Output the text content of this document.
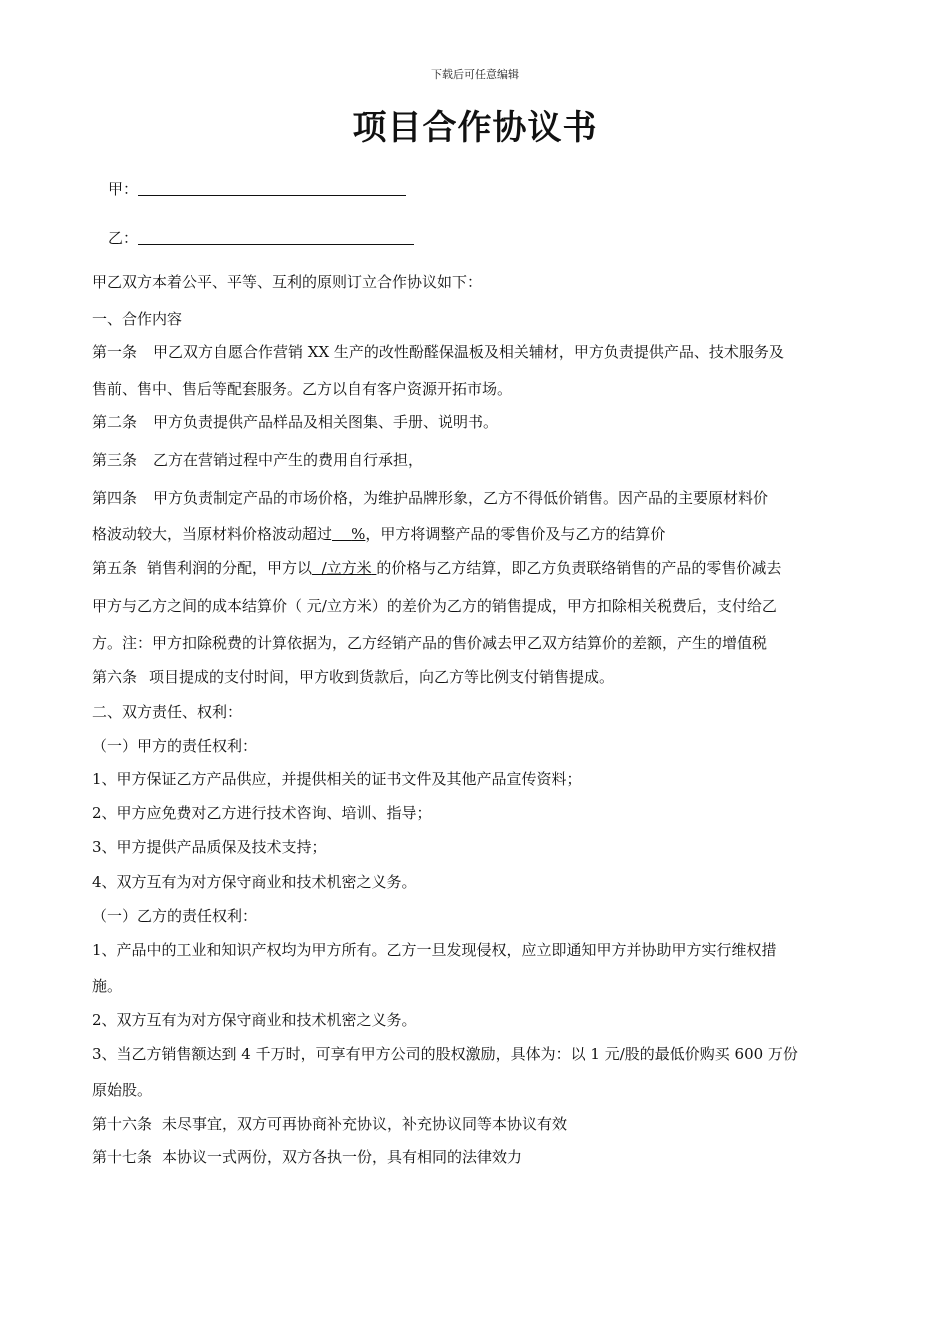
下载后可任意编辑
项目合作协议书
甲：
乙：
甲乙双方本着公平、平等、互利的原则订立合作协议如下：
一、合作内容
第一条 甲乙双方自愿合作营销 XX 生产的改性酚醛保温板及相关辅材，甲方负责提供产品、技术服务及
售前、售中、售后等配套服务。乙方以自有客户资源开拓市场。
第二条 甲方负责提供产品样品及相关图集、手册、说明书。
第三条 乙方在营销过程中产生的费用自行承担，
第四条 甲方负责制定产品的市场价格，为维护品牌形象，乙方不得低价销售。因产品的主要原材料价
格波动较大，当原材料价格波动超过 %，甲方将调整产品的零售价及与乙方的结算价
第五条 销售利润的分配，甲方以 /立方米 的价格与乙方结算，即乙方负责联络销售的产品的零售价减去
甲方与乙方之间的成本结算价（ 元/立方米）的差价为乙方的销售提成，甲方扣除相关税费后，支付给乙
方。注：甲方扣除税费的计算依据为，乙方经销产品的售价减去甲乙双方结算价的差额，产生的增值税
第六条 项目提成的支付时间，甲方收到货款后，向乙方等比例支付销售提成。
二、双方责任、权利：
（一）甲方的责任权利：
1、甲方保证乙方产品供应，并提供相关的证书文件及其他产品宣传资料；
2、甲方应免费对乙方进行技术咨询、培训、指导；
3、甲方提供产品质保及技术支持；
4、双方互有为对方保守商业和技术机密之义务。
（一）乙方的责任权利：
1、产品中的工业和知识产权均为甲方所有。乙方一旦发现侵权，应立即通知甲方并协助甲方实行维权措
施。
2、双方互有为对方保守商业和技术机密之义务。
3、当乙方销售额达到 4 千万时，可享有甲方公司的股权激励，具体为：以 1 元/股的最低价购买 600 万份
原始股。
第十六条 未尽事宜，双方可再协商补充协议，补充协议同等本协议有效
第十七条 本协议一式两份，双方各执一份，具有相同的法律效力
